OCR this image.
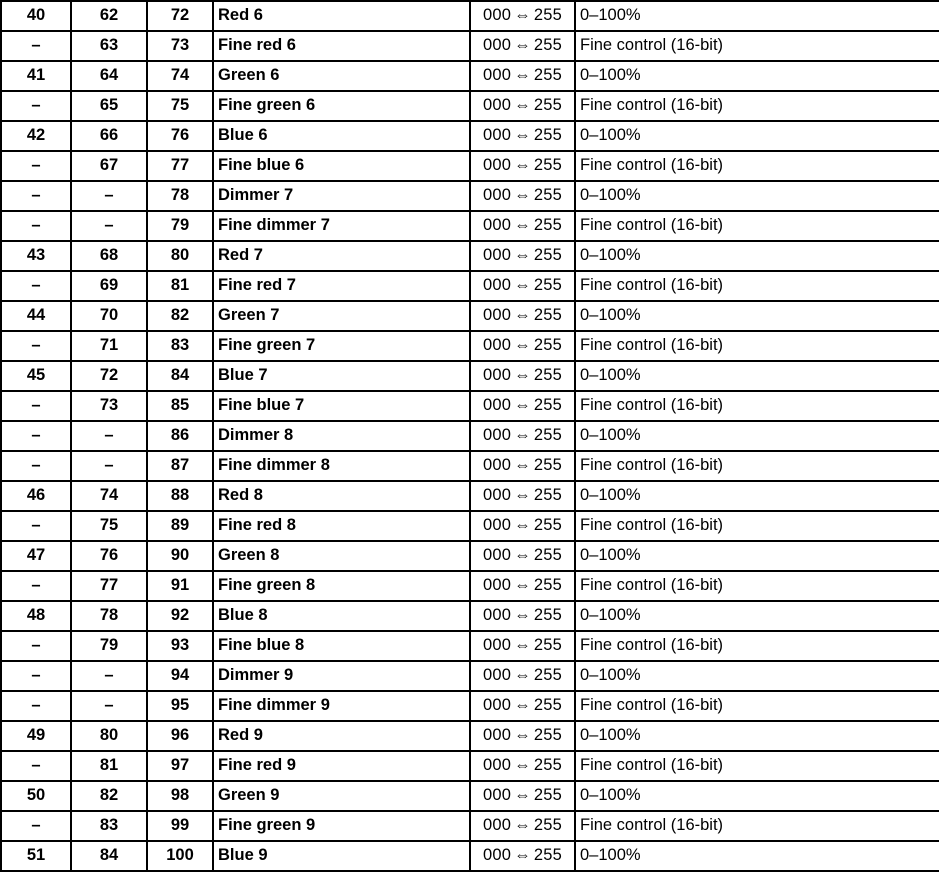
40	62	72	Red 6	000 ⇔ 255	0–100%
–	63	73	Fine red 6	000 ⇔ 255	Fine control (16-bit)
41	64	74	Green 6	000 ⇔ 255	0–100%
–	65	75	Fine green 6	000 ⇔ 255	Fine control (16-bit)
42	66	76	Blue 6	000 ⇔ 255	0–100%
–	67	77	Fine blue 6	000 ⇔ 255	Fine control (16-bit)
–	–	78	Dimmer 7	000 ⇔ 255	0–100%
–	–	79	Fine dimmer 7	000 ⇔ 255	Fine control (16-bit)
43	68	80	Red 7	000 ⇔ 255	0–100%
–	69	81	Fine red 7	000 ⇔ 255	Fine control (16-bit)
44	70	82	Green 7	000 ⇔ 255	0–100%
–	71	83	Fine green 7	000 ⇔ 255	Fine control (16-bit)
45	72	84	Blue 7	000 ⇔ 255	0–100%
–	73	85	Fine blue 7	000 ⇔ 255	Fine control (16-bit)
–	–	86	Dimmer 8	000 ⇔ 255	0–100%
–	–	87	Fine dimmer 8	000 ⇔ 255	Fine control (16-bit)
46	74	88	Red 8	000 ⇔ 255	0–100%
–	75	89	Fine red 8	000 ⇔ 255	Fine control (16-bit)
47	76	90	Green 8	000 ⇔ 255	0–100%
–	77	91	Fine green 8	000 ⇔ 255	Fine control (16-bit)
48	78	92	Blue 8	000 ⇔ 255	0–100%
–	79	93	Fine blue 8	000 ⇔ 255	Fine control (16-bit)
–	–	94	Dimmer 9	000 ⇔ 255	0–100%
–	–	95	Fine dimmer 9	000 ⇔ 255	Fine control (16-bit)
49	80	96	Red 9	000 ⇔ 255	0–100%
–	81	97	Fine red 9	000 ⇔ 255	Fine control (16-bit)
50	82	98	Green 9	000 ⇔ 255	0–100%
–	83	99	Fine green 9	000 ⇔ 255	Fine control (16-bit)
51	84	100	Blue 9	000 ⇔ 255	0–100%
